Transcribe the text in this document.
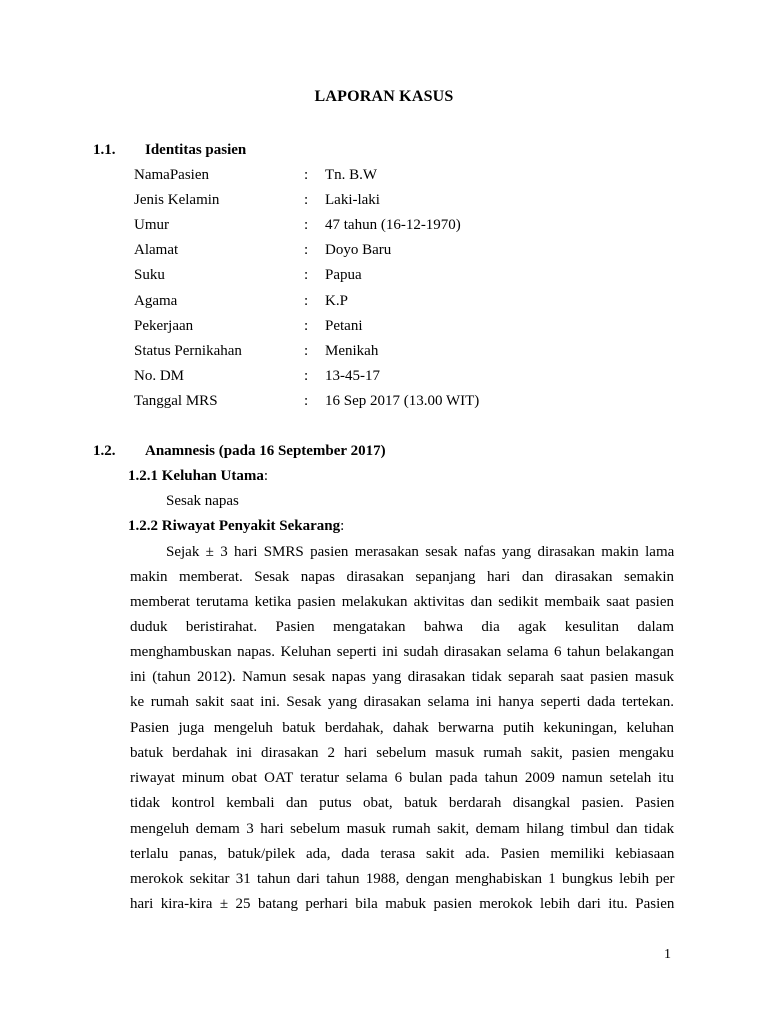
LAPORAN KASUS
1.1. Identitas pasien
NamaPasien	: Tn. B.W
Jenis Kelamin	: Laki-laki
Umur	: 47 tahun (16-12-1970)
Alamat	: Doyo Baru
Suku	: Papua
Agama	: K.P
Pekerjaan	: Petani
Status Pernikahan	: Menikah
No. DM	: 13-45-17
Tanggal MRS	: 16 Sep 2017 (13.00 WIT)
1.2. Anamnesis (pada 16 September 2017)
1.2.1 Keluhan Utama:
Sesak napas
1.2.2 Riwayat Penyakit Sekarang:
Sejak ± 3 hari SMRS pasien merasakan sesak nafas yang dirasakan makin lama
makin memberat. Sesak napas dirasakan sepanjang hari dan dirasakan semakin
memberat terutama ketika pasien melakukan aktivitas dan sedikit membaik saat pasien
duduk beristirahat. Pasien mengatakan bahwa dia agak kesulitan dalam
menghambuskan napas. Keluhan seperti ini sudah dirasakan selama 6 tahun belakangan
ini (tahun 2012). Namun sesak napas yang dirasakan tidak separah saat pasien masuk
ke rumah sakit saat ini. Sesak yang dirasakan selama ini hanya seperti dada tertekan.
Pasien juga mengeluh batuk berdahak, dahak berwarna putih kekuningan, keluhan
batuk berdahak ini dirasakan 2 hari sebelum masuk rumah sakit, pasien mengaku
riwayat minum obat OAT teratur selama 6 bulan pada tahun 2009 namun setelah itu
tidak kontrol kembali dan putus obat, batuk berdarah disangkal pasien. Pasien
mengeluh demam 3 hari sebelum masuk rumah sakit, demam hilang timbul dan tidak
terlalu panas, batuk/pilek ada, dada terasa sakit ada. Pasien memiliki kebiasaan
merokok sekitar 31 tahun dari tahun 1988, dengan menghabiskan 1 bungkus lebih per
hari kira-kira ± 25 batang perhari bila mabuk pasien merokok lebih dari itu. Pasien
1
